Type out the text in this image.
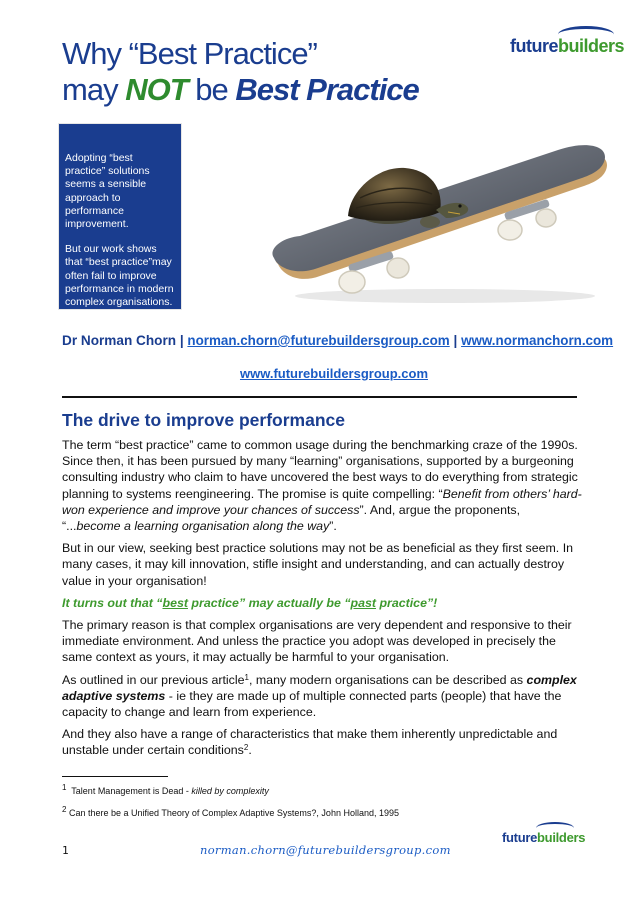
Why “Best Practice”
may NOT be Best Practice
futurebuilders

Adopting “best practice” solutions seems a sensible approach to performance improvement.

But our work shows that “best practice”may often fail to improve performance in modern complex organisations.

Dr Norman Chorn | norman.chorn@futurebuildersgroup.com | www.normanchorn.com
www.futurebuildersgroup.com
The drive to improve performance

The term “best practice” came to common usage during the benchmarking craze of the 1990s. Since then, it has been pursued by many “learning” organisations, supported by a burgeoning consulting industry who claim to have uncovered the best ways to do everything from strategic planning to systems reengineering. The promise is quite compelling: “Benefit from others’ hard-won experience and improve your chances of success”. And, argue the proponents, “...become a learning organisation along the way”.

But in our view, seeking best practice solutions may not be as beneficial as they first seem. In many cases, it may kill innovation, stifle insight and understanding, and can actually destroy value in your organisation!

It turns out that “best practice” may actually be “past practice”!

The primary reason is that complex organisations are very dependent and responsive to their immediate environment. And unless the practice you adopt was developed in precisely the same context as yours, it may actually be harmful to your organisation.

As outlined in our previous article$^1$, many modern organisations can be described as complex adaptive systems - ie they are made up of multiple connected parts (people) that have the capacity to change and learn from experience.

And they also have a range of characteristics that make them inherently unpredictable and unstable under certain conditions$^2$.

$^1$ Talent Management is Dead - killed by complexity
$^2$ Can there be a Unified Theory of Complex Adaptive Systems?, John Holland, 1995
1	norman.chorn@futurebuildersgroup.com
futurebuilders
